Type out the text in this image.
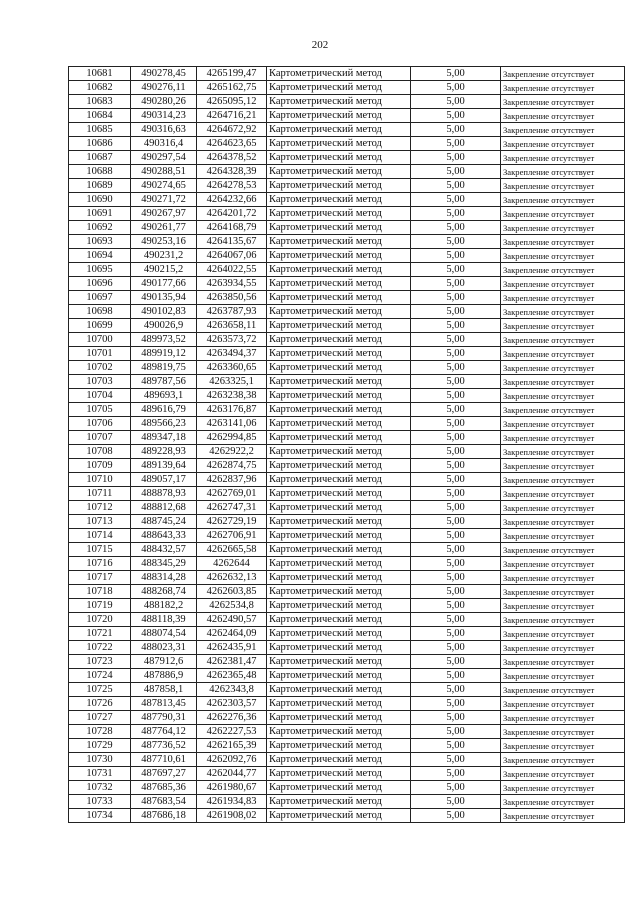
202
10681	490278,45	4265199,47	Картометрический метод	5,00	Закрепление отсутствует
10682	490276,11	4265162,75	Картометрический метод	5,00	Закрепление отсутствует
10683	490280,26	4265095,12	Картометрический метод	5,00	Закрепление отсутствует
10684	490314,23	4264716,21	Картометрический метод	5,00	Закрепление отсутствует
10685	490316,63	4264672,92	Картометрический метод	5,00	Закрепление отсутствует
10686	490316,4	4264623,65	Картометрический метод	5,00	Закрепление отсутствует
10687	490297,54	4264378,52	Картометрический метод	5,00	Закрепление отсутствует
10688	490288,51	4264328,39	Картометрический метод	5,00	Закрепление отсутствует
10689	490274,65	4264278,53	Картометрический метод	5,00	Закрепление отсутствует
10690	490271,72	4264232,66	Картометрический метод	5,00	Закрепление отсутствует
10691	490267,97	4264201,72	Картометрический метод	5,00	Закрепление отсутствует
10692	490261,77	4264168,79	Картометрический метод	5,00	Закрепление отсутствует
10693	490253,16	4264135,67	Картометрический метод	5,00	Закрепление отсутствует
10694	490231,2	4264067,06	Картометрический метод	5,00	Закрепление отсутствует
10695	490215,2	4264022,55	Картометрический метод	5,00	Закрепление отсутствует
10696	490177,66	4263934,55	Картометрический метод	5,00	Закрепление отсутствует
10697	490135,94	4263850,56	Картометрический метод	5,00	Закрепление отсутствует
10698	490102,83	4263787,93	Картометрический метод	5,00	Закрепление отсутствует
10699	490026,9	4263658,11	Картометрический метод	5,00	Закрепление отсутствует
10700	489973,52	4263573,72	Картометрический метод	5,00	Закрепление отсутствует
10701	489919,12	4263494,37	Картометрический метод	5,00	Закрепление отсутствует
10702	489819,75	4263360,65	Картометрический метод	5,00	Закрепление отсутствует
10703	489787,56	4263325,1	Картометрический метод	5,00	Закрепление отсутствует
10704	489693,1	4263238,38	Картометрический метод	5,00	Закрепление отсутствует
10705	489616,79	4263176,87	Картометрический метод	5,00	Закрепление отсутствует
10706	489566,23	4263141,06	Картометрический метод	5,00	Закрепление отсутствует
10707	489347,18	4262994,85	Картометрический метод	5,00	Закрепление отсутствует
10708	489228,93	4262922,2	Картометрический метод	5,00	Закрепление отсутствует
10709	489139,64	4262874,75	Картометрический метод	5,00	Закрепление отсутствует
10710	489057,17	4262837,96	Картометрический метод	5,00	Закрепление отсутствует
10711	488878,93	4262769,01	Картометрический метод	5,00	Закрепление отсутствует
10712	488812,68	4262747,31	Картометрический метод	5,00	Закрепление отсутствует
10713	488745,24	4262729,19	Картометрический метод	5,00	Закрепление отсутствует
10714	488643,33	4262706,91	Картометрический метод	5,00	Закрепление отсутствует
10715	488432,57	4262665,58	Картометрический метод	5,00	Закрепление отсутствует
10716	488345,29	4262644	Картометрический метод	5,00	Закрепление отсутствует
10717	488314,28	4262632,13	Картометрический метод	5,00	Закрепление отсутствует
10718	488268,74	4262603,85	Картометрический метод	5,00	Закрепление отсутствует
10719	488182,2	4262534,8	Картометрический метод	5,00	Закрепление отсутствует
10720	488118,39	4262490,57	Картометрический метод	5,00	Закрепление отсутствует
10721	488074,54	4262464,09	Картометрический метод	5,00	Закрепление отсутствует
10722	488023,31	4262435,91	Картометрический метод	5,00	Закрепление отсутствует
10723	487912,6	4262381,47	Картометрический метод	5,00	Закрепление отсутствует
10724	487886,9	4262365,48	Картометрический метод	5,00	Закрепление отсутствует
10725	487858,1	4262343,8	Картометрический метод	5,00	Закрепление отсутствует
10726	487813,45	4262303,57	Картометрический метод	5,00	Закрепление отсутствует
10727	487790,31	4262276,36	Картометрический метод	5,00	Закрепление отсутствует
10728	487764,12	4262227,53	Картометрический метод	5,00	Закрепление отсутствует
10729	487736,52	4262165,39	Картометрический метод	5,00	Закрепление отсутствует
10730	487710,61	4262092,76	Картометрический метод	5,00	Закрепление отсутствует
10731	487697,27	4262044,77	Картометрический метод	5,00	Закрепление отсутствует
10732	487685,36	4261980,67	Картометрический метод	5,00	Закрепление отсутствует
10733	487683,54	4261934,83	Картометрический метод	5,00	Закрепление отсутствует
10734	487686,18	4261908,02	Картометрический метод	5,00	Закрепление отсутствует
